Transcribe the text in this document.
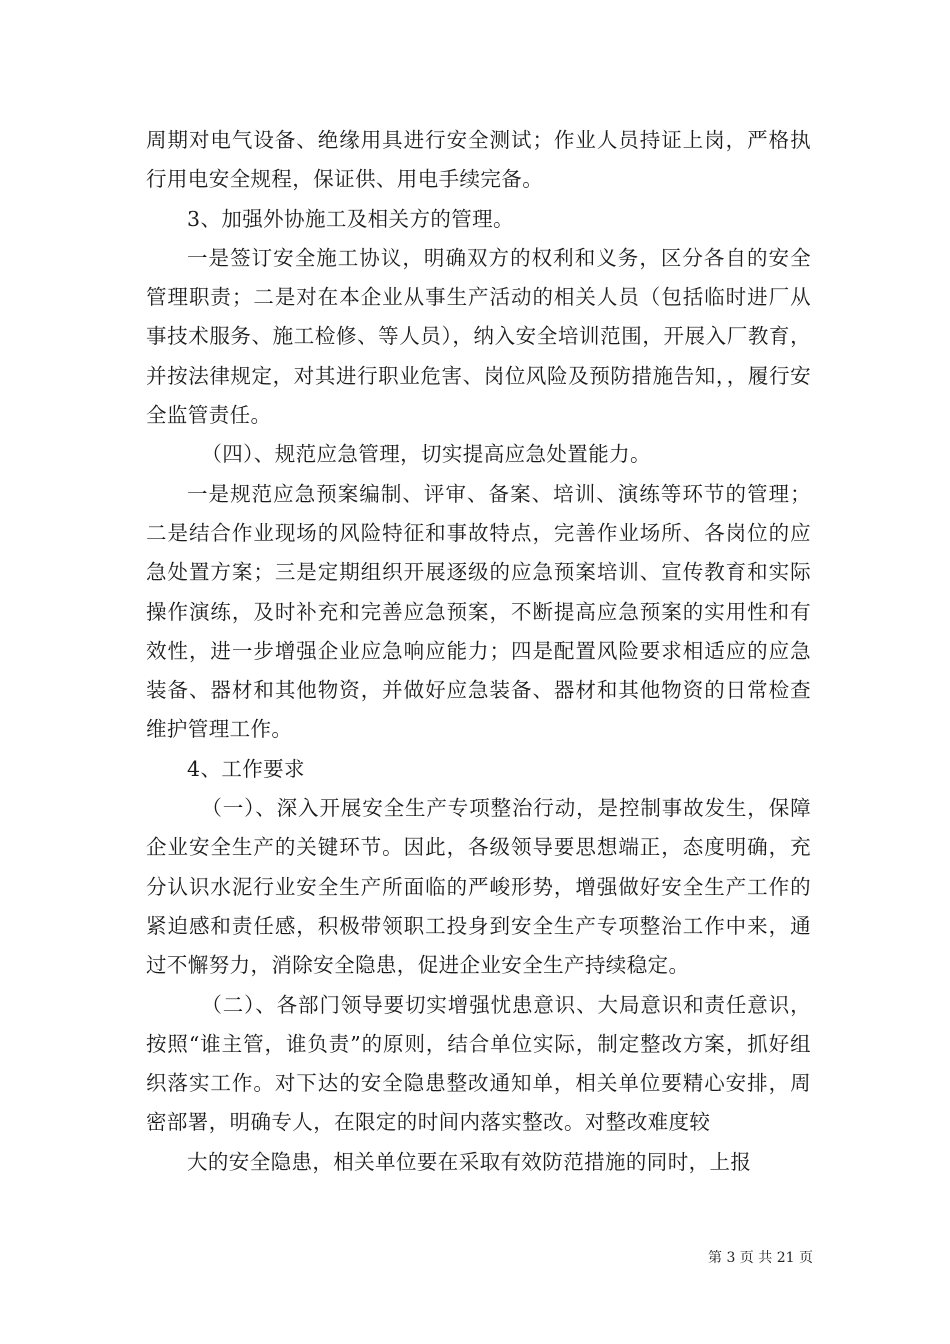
周期对电气设备、绝缘用具进行安全测试；作业人员持证上岗，严格执行用电安全规程，保证供、用电手续完备。

3、加强外协施工及相关方的管理。

一是签订安全施工协议，明确双方的权利和义务，区分各自的安全管理职责；二是对在本企业从事生产活动的相关人员（包括临时进厂从事技术服务、施工检修、等人员），纳入安全培训范围，开展入厂教育，并按法律规定，对其进行职业危害、岗位风险及预防措施告知，，履行安全监管责任。

（四）、规范应急管理，切实提高应急处置能力。

一是规范应急预案编制、评审、备案、培训、演练等环节的管理；二是结合作业现场的风险特征和事故特点，完善作业场所、各岗位的应急处置方案；三是定期组织开展逐级的应急预案培训、宣传教育和实际操作演练，及时补充和完善应急预案，不断提高应急预案的实用性和有效性，进一步增强企业应急响应能力；四是配置风险要求相适应的应急装备、器材和其他物资，并做好应急装备、器材和其他物资的日常检查维护管理工作。

4、工作要求

（一）、深入开展安全生产专项整治行动，是控制事故发生，保障企业安全生产的关键环节。因此，各级领导要思想端正，态度明确，充分认识水泥行业安全生产所面临的严峻形势，增强做好安全生产工作的紧迫感和责任感，积极带领职工投身到安全生产专项整治工作中来，通过不懈努力，消除安全隐患，促进企业安全生产持续稳定。

（二）、各部门领导要切实增强忧患意识、大局意识和责任意识，按照“谁主管，谁负责”的原则，结合单位实际，制定整改方案，抓好组织落实工作。对下达的安全隐患整改通知单，相关单位要精心安排，周密部署，明确专人，在限定的时间内落实整改。对整改难度较

大的安全隐患，相关单位要在采取有效防范措施的同时，上报

第 3 页 共 21 页
